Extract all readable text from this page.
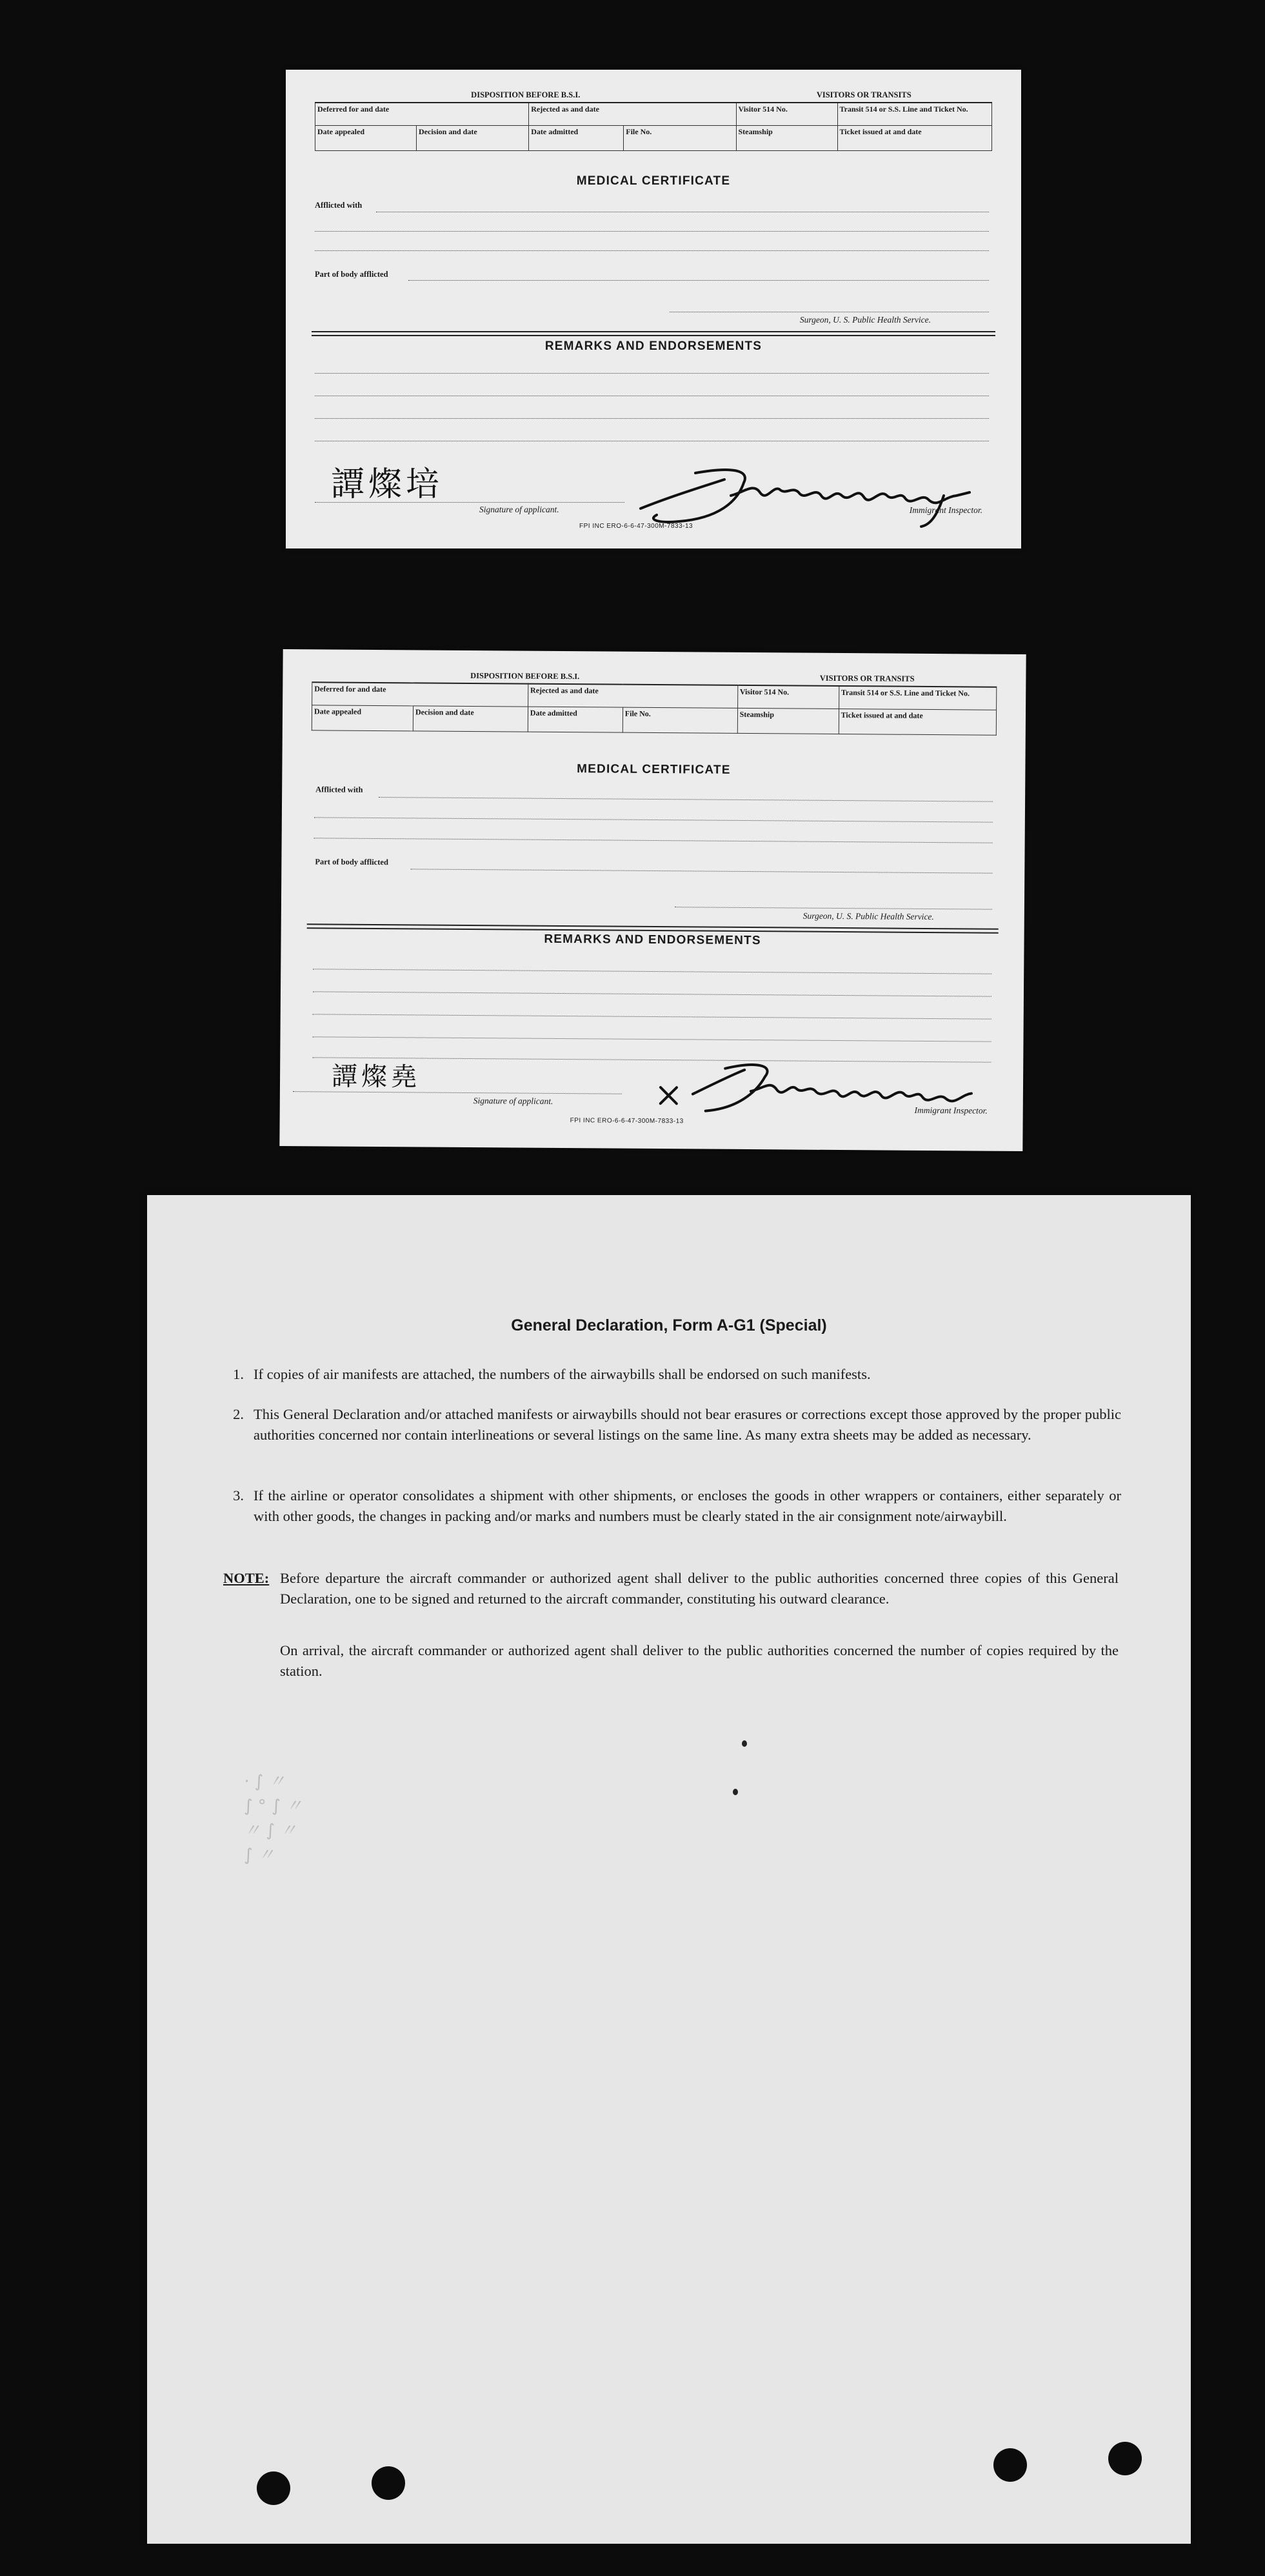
DISPOSITION BEFORE B.S.I.				VISITORS OR TRANSITS	
Deferred for and date		Rejected as and date		Visitor 514 No.	Transit 514 or S.S. Line and Ticket No.
Date appealed	Decision and date	Date admitted	File No.	Steamship	Ticket issued at and date
MEDICAL CERTIFICATE
Afflicted with
Part of body afflicted
Surgeon, U. S. Public Health Service.
REMARKS AND ENDORSEMENTS
譚燦培
Signature of applicant.	Immigrant Inspector.
FPI INC ERO-6-6-47-300M-7833-13
DISPOSITION BEFORE B.S.I.				VISITORS OR TRANSITS	
Deferred for and date		Rejected as and date		Visitor 514 No.	Transit 514 or S.S. Line and Ticket No.
Date appealed	Decision and date	Date admitted	File No.	Steamship	Ticket issued at and date
MEDICAL CERTIFICATE
Afflicted with
Part of body afflicted
Surgeon, U. S. Public Health Service.
REMARKS AND ENDORSEMENTS
譚燦堯
Signature of applicant.
Immigrant Inspector.
FPI INC ERO-6-6-47-300M-7833-13
General Declaration, Form A-G1 (Special)
1. If copies of air manifests are attached, the numbers of the airwaybills shall be endorsed on such manifests.
2. This General Declaration and/or attached manifests or airwaybills should not bear erasures or corrections except those approved by the proper public authorities concerned nor contain interlineations or several listings on the same line. As many extra sheets may be added as necessary.
3. If the airline or operator consolidates a shipment with other shipments, or encloses the goods in other wrappers or containers, either separately or with other goods, the changes in packing and/or marks and numbers must be clearly stated in the air consignment note/airwaybill.
NOTE: Before departure the aircraft commander or authorized agent shall deliver to the public authorities concerned three copies of this General Declaration, one to be signed and returned to the aircraft commander, constituting his outward clearance.
On arrival, the aircraft commander or authorized agent shall deliver to the public authorities concerned the number of copies required by the station.
· ∫ 〃
∫ ° ∫ 〃
〃 ∫ 〃
∫ 〃
